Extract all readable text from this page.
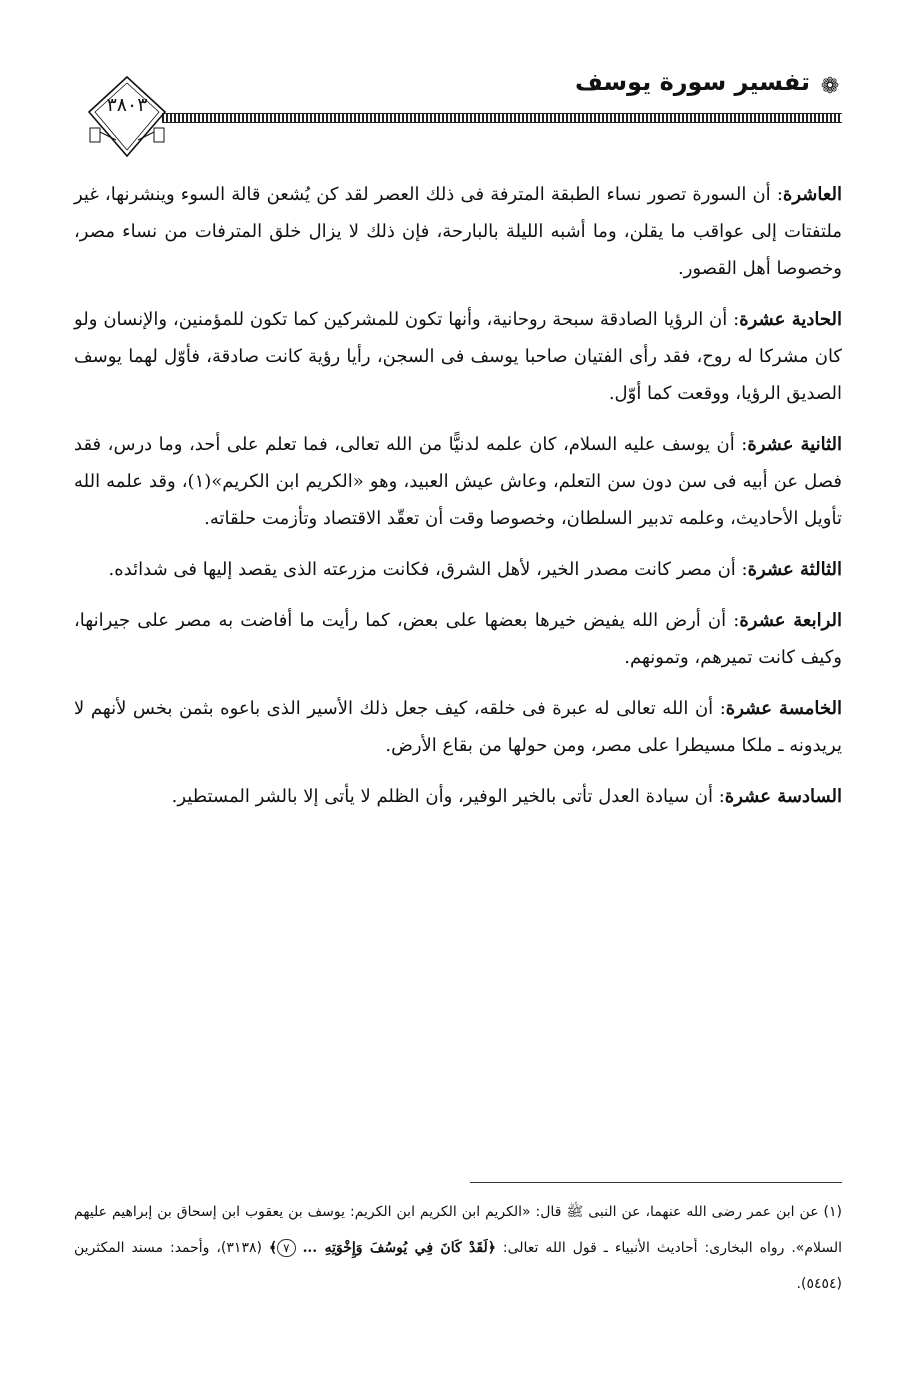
❁
تفسير سورة يوسف
٣٨٠٣

العاشرة: أن السورة تصور نساء الطبقة المترفة فى ذلك العصر لقد كن يُشعن قالة السوء وينشرنها، غير ملتفتات إلى عواقب ما يقلن، وما أشبه الليلة بالبارحة، فإن ذلك لا يزال خلق المترفات من نساء مصر، وخصوصا أهل القصور.

الحادية عشرة: أن الرؤيا الصادقة سبحة روحانية، وأنها تكون للمشركين كما تكون للمؤمنين، والإنسان ولو كان مشركا له روح، فقد رأى الفتيان صاحبا يوسف فى السجن، رأيا رؤية كانت صادقة، فأوّل لهما يوسف الصديق الرؤيا، ووقعت كما أوّل.

الثانية عشرة: أن يوسف عليه السلام، كان علمه لدنيًّا من الله تعالى، فما تعلم على أحد، وما درس، فقد فصل عن أبيه فى سن دون سن التعلم، وعاش عيش العبيد، وهو «الكريم ابن الكريم»(١)، وقد علمه الله تأويل الأحاديث، وعلمه تدبير السلطان، وخصوصا وقت أن تعقّد الاقتصاد وتأزمت حلقاته.

الثالثة عشرة: أن مصر كانت مصدر الخير، لأهل الشرق، فكانت مزرعته الذى يقصد إليها فى شدائده.

الرابعة عشرة: أن أرض الله يفيض خيرها بعضها على بعض، كما رأيت ما أفاضت به مصر على جيرانها، وكيف كانت تميرهم، وتمونهم.

الخامسة عشرة: أن الله تعالى له عبرة فى خلقه، كيف جعل ذلك الأسير الذى باعوه بثمن بخس لأنهم لا يريدونه ـ ملكا مسيطرا على مصر، ومن حولها من بقاع الأرض.

السادسة عشرة: أن سيادة العدل تأتى بالخير الوفير، وأن الظلم لا يأتى إلا بالشر المستطير.

(١) عن ابن عمر رضى الله عنهما، عن النبى ﷺ قال: «الكريم ابن الكريم ابن الكريم: يوسف بن يعقوب ابن إسحاق بن إبراهيم عليهم السلام». رواه البخارى: أحاديث الأنبياء ـ قول الله تعالى: ﴿لَقَدْ كَانَ فِي يُوسُفَ وَإِخْوَتِهِ ... ٧﴾ (٣١٣٨)، وأحمد: مسند المكثرين (٥٤٥٤).
